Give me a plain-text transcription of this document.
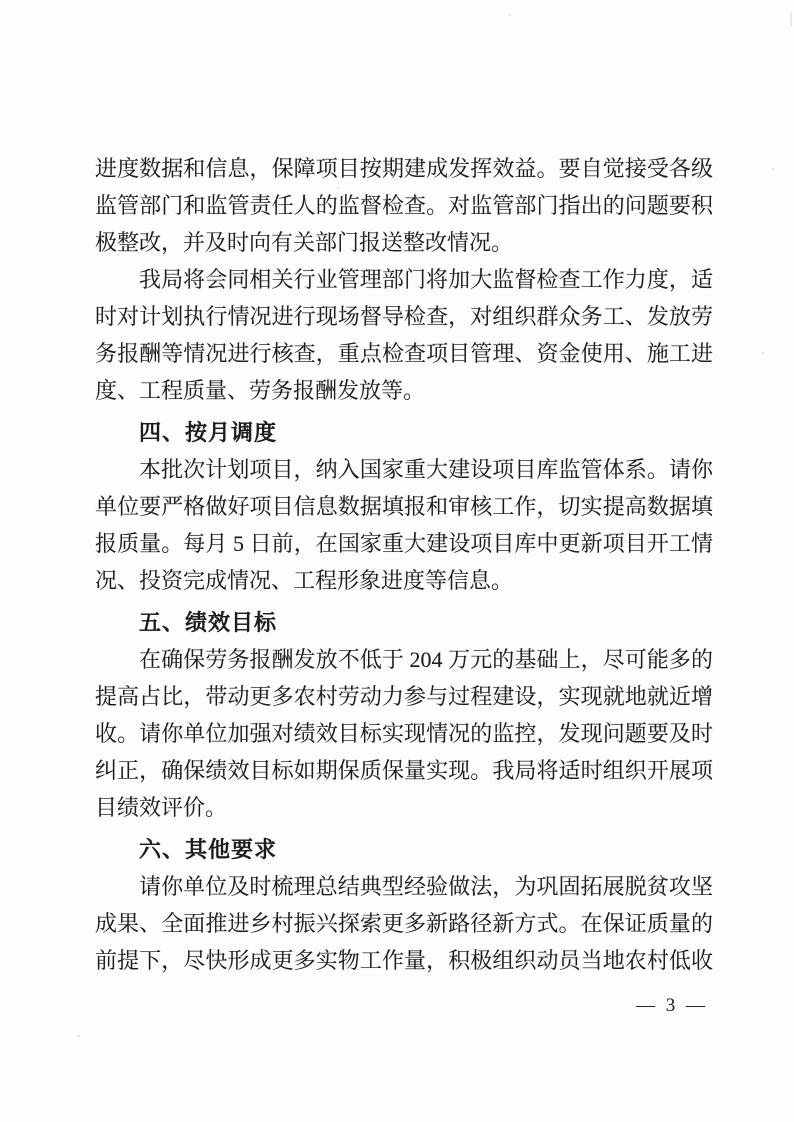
进度数据和信息，保障项目按期建成发挥效益。要自觉接受各级
监管部门和监管责任人的监督检查。对监管部门指出的问题要积
极整改，并及时向有关部门报送整改情况。
我局将会同相关行业管理部门将加大监督检查工作力度，适
时对计划执行情况进行现场督导检查，对组织群众务工、发放劳
务报酬等情况进行核查，重点检查项目管理、资金使用、施工进
度、工程质量、劳务报酬发放等。
四、按月调度
本批次计划项目，纳入国家重大建设项目库监管体系。请你
单位要严格做好项目信息数据填报和审核工作，切实提高数据填
报质量。每月 5 日前，在国家重大建设项目库中更新项目开工情
况、投资完成情况、工程形象进度等信息。
五、绩效目标
在确保劳务报酬发放不低于 204 万元的基础上，尽可能多的
提高占比，带动更多农村劳动力参与过程建设，实现就地就近增
收。请你单位加强对绩效目标实现情况的监控，发现问题要及时
纠正，确保绩效目标如期保质保量实现。我局将适时组织开展项
目绩效评价。
六、其他要求
请你单位及时梳理总结典型经验做法，为巩固拓展脱贫攻坚
成果、全面推进乡村振兴探索更多新路径新方式。在保证质量的
前提下，尽快形成更多实物工作量，积极组织动员当地农村低收
— 3 —
